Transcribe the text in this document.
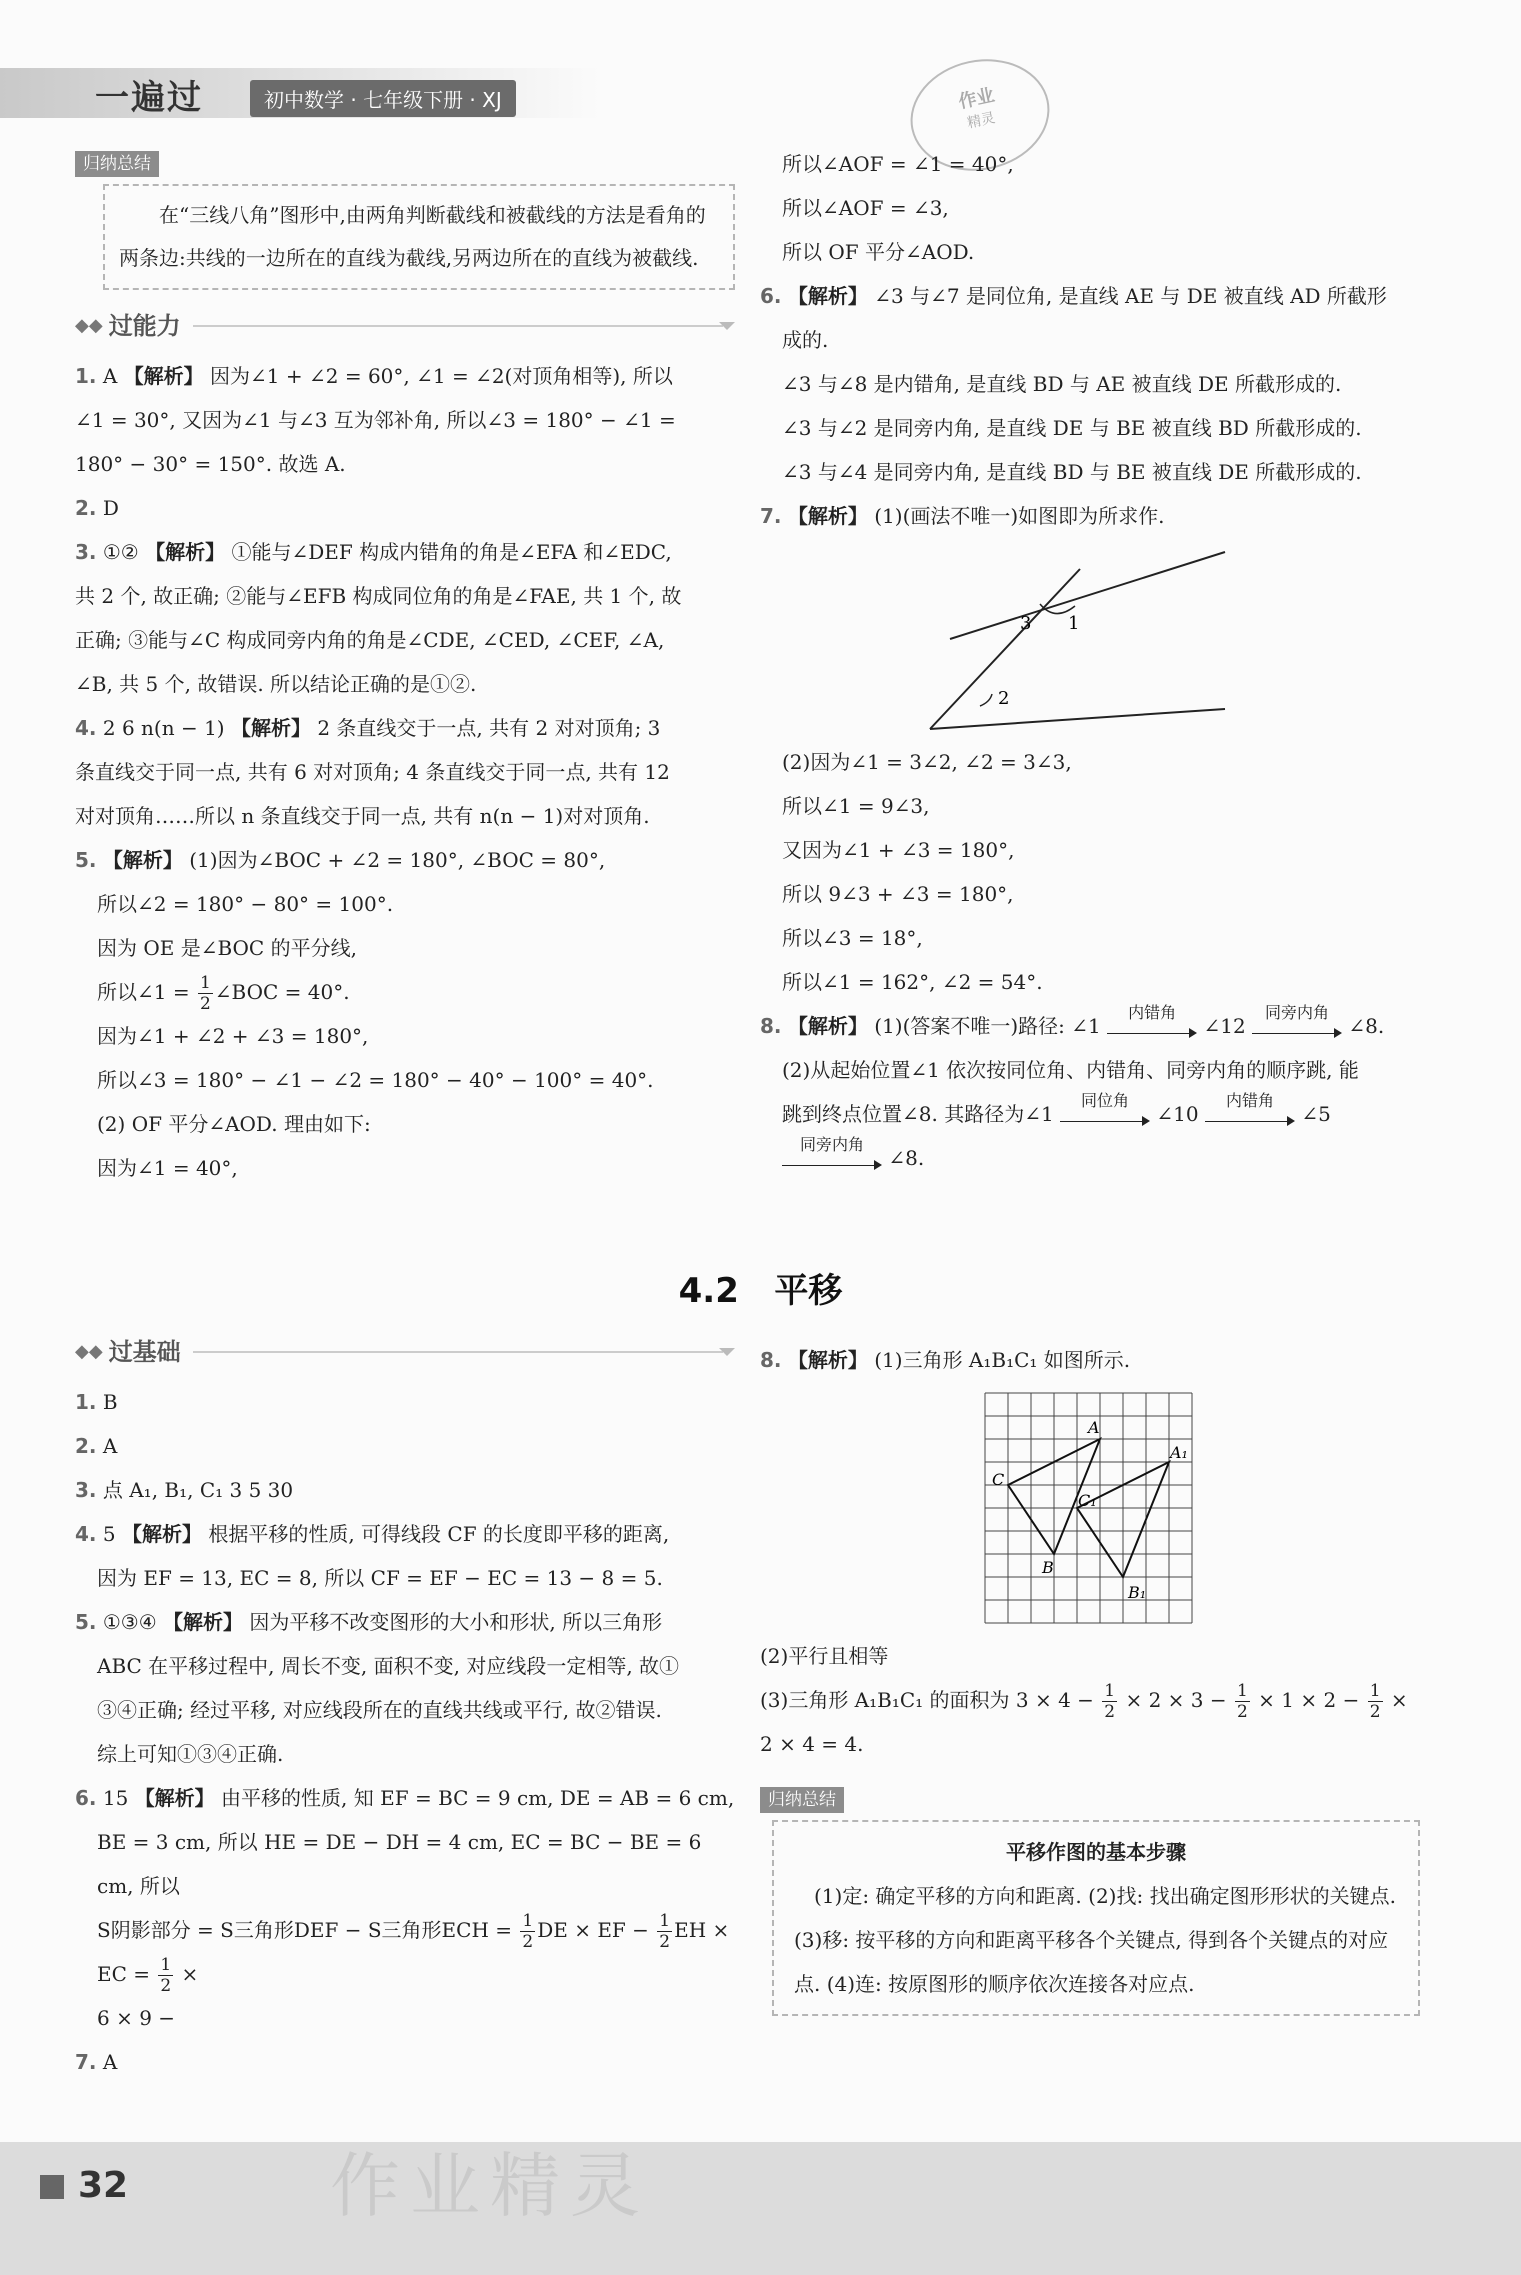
一遍过	初中数学 · 七年级下册 · XJ	作业
精灵
归纳总结
在“三线八角”图形中,由两角判断截线和被截线的方法是看角的两条边:共线的一边所在的直线为截线,另两边所在的直线为被截线.
◆◆ 过能力
1. A 【解析】 因为∠1 + ∠2 = 60°, ∠1 = ∠2(对顶角相等), 所以
∠1 = 30°, 又因为∠1 与∠3 互为邻补角, 所以∠3 = 180° − ∠1 =
180° − 30° = 150°. 故选 A.
2. D
3. ①② 【解析】 ①能与∠DEF 构成内错角的角是∠EFA 和∠EDC,
共 2 个, 故正确; ②能与∠EFB 构成同位角的角是∠FAE, 共 1 个, 故
正确; ③能与∠C 构成同旁内角的角是∠CDE, ∠CED, ∠CEF, ∠A,
∠B, 共 5 个, 故错误. 所以结论正确的是①②.
4. 2 6 n(n − 1) 【解析】 2 条直线交于一点, 共有 2 对对顶角; 3
条直线交于同一点, 共有 6 对对顶角; 4 条直线交于同一点, 共有 12
对对顶角……所以 n 条直线交于同一点, 共有 n(n − 1)对对顶角.
5. 【解析】 (1)因为∠BOC + ∠2 = 180°, ∠BOC = 80°,

所以∠2 = 180° − 80° = 100°.
因为 OE 是∠BOC 的平分线,
所以∠1 = $\frac{1}{2}$ ∠BOC = 40°.
因为∠1 + ∠2 + ∠3 = 180°,
所以∠3 = 180° − ∠1 − ∠2 = 180° − 40° − 100° = 40°.
(2) OF 平分∠AOD. 理由如下:
因为∠1 = 40°,
所以∠AOF = ∠1 = 40°,
所以∠AOF = ∠3,
所以 OF 平分∠AOD.
6. 【解析】 ∠3 与∠7 是同位角, 是直线 AE 与 DE 被直线 AD 所截形

成的.
∠3 与∠8 是内错角, 是直线 BD 与 AE 被直线 DE 所截形成的.
∠3 与∠2 是同旁内角, 是直线 DE 与 BE 被直线 BD 所截形成的.
∠3 与∠4 是同旁内角, 是直线 BD 与 BE 被直线 DE 所截形成的.
7. 【解析】 (1)(画法不唯一)如图即为所求作.
3 1
2
(2)因为∠1 = 3∠2, ∠2 = 3∠3,
所以∠1 = 9∠3,
又因为∠1 + ∠3 = 180°,
所以 9∠3 + ∠3 = 180°,
所以∠3 = 18°,
所以∠1 = 162°, ∠2 = 54°.
8. 【解析】 (1)(答案不唯一)路径: ∠1
内错角
∠12
同旁内角
∠8.

(2)从起始位置∠1 依次按同位角、内错角、同旁内角的顺序跳, 能
跳到终点位置∠8. 其路径为∠1
同位角
∠10
内错角
∠5

同旁内角
∠8.
4.2 平移
◆◆ 过基础
1. B
2. A
3. 点 A₁, B₁, C₁ 3 5 30
4. 5 【解析】 根据平移的性质, 可得线段 CF 的长度即平移的距离,

因为 EF = 13, EC = 8, 所以 CF = EF − EC = 13 − 8 = 5.
5. ①③④ 【解析】 因为平移不改变图形的大小和形状, 所以三角形

ABC 在平移过程中, 周长不变, 面积不变, 对应线段一定相等, 故①
③④正确; 经过平移, 对应线段所在的直线共线或平行, 故②错误.
综上可知①③④正确.
6. 15 【解析】 由平移的性质, 知 EF = BC = 9 cm, DE = AB = 6 cm,

BE = 3 cm, 所以 HE = DE − DH = 4 cm, EC = BC − BE = 6 cm, 所以
S阴影部分 = S三角形DEF − S三角形ECH = $\frac{1}{2}$ DE × EF − $\frac{1}{2}$ EH × EC = $\frac{1}{2}$ ×
6 × 9 −
7. A
8. 【解析】 (1)三角形 A₁B₁C₁ 如图所示.
A
A₁
C
C₁
B
B₁
(2)平行且相等
(3)三角形 A₁B₁C₁ 的面积为 $3 \times 4 - \frac{1}{2} \times 2 \times 3 - \frac{1}{2} \times 1 \times 2 - \frac{1}{2}$ ×
2 × 4 = 4.
归纳总结
平移作图的基本步骤
(1)定: 确定平移的方向和距离. (2)找: 找出确定图形形状的关键点. (3)移: 按平移的方向和距离平移各个关键点, 得到各个关键点的对应点. (4)连: 按原图形的顺序依次连接各对应点.
32	作业精灵
